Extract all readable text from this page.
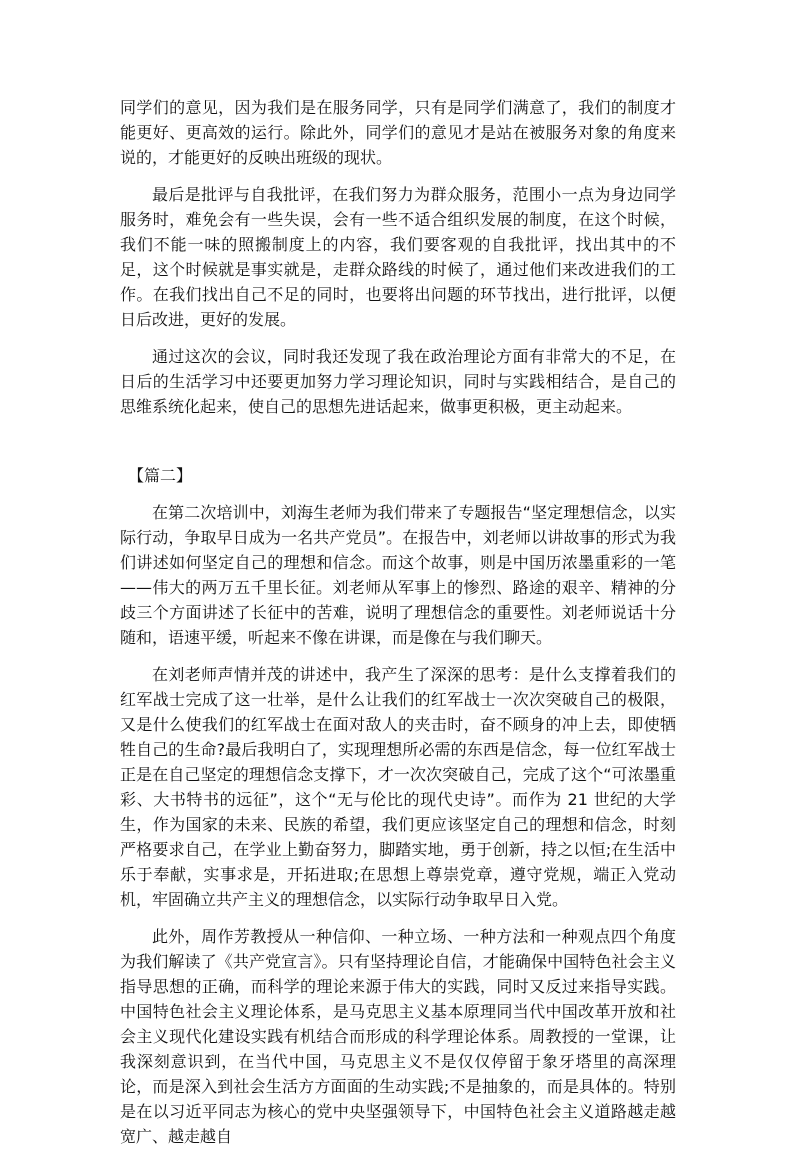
同学们的意见，因为我们是在服务同学，只有是同学们满意了，我们的制度才能更好、更高效的运行。除此外，同学们的意见才是站在被服务对象的角度来说的，才能更好的反映出班级的现状。

最后是批评与自我批评，在我们努力为群众服务，范围小一点为身边同学服务时，难免会有一些失误，会有一些不适合组织发展的制度，在这个时候，我们不能一味的照搬制度上的内容，我们要客观的自我批评，找出其中的不足，这个时候就是事实就是，走群众路线的时候了，通过他们来改进我们的工作。在我们找出自己不足的同时，也要将出问题的环节找出，进行批评，以便日后改进，更好的发展。

通过这次的会议，同时我还发现了我在政治理论方面有非常大的不足，在日后的生活学习中还要更加努力学习理论知识，同时与实践相结合，是自己的思维系统化起来，使自己的思想先进话起来，做事更积极，更主动起来。

【篇二】

在第二次培训中，刘海生老师为我们带来了专题报告“坚定理想信念，以实际行动，争取早日成为一名共产党员”。在报告中，刘老师以讲故事的形式为我们讲述如何坚定自己的理想和信念。而这个故事，则是中国历浓墨重彩的一笔——伟大的两万五千里长征。刘老师从军事上的惨烈、路途的艰辛、精神的分歧三个方面讲述了长征中的苦难，说明了理想信念的重要性。刘老师说话十分随和，语速平缓，听起来不像在讲课，而是像在与我们聊天。

在刘老师声情并茂的讲述中，我产生了深深的思考：是什么支撑着我们的红军战士完成了这一壮举，是什么让我们的红军战士一次次突破自己的极限，又是什么使我们的红军战士在面对敌人的夹击时，奋不顾身的冲上去，即使牺牲自己的生命?最后我明白了，实现理想所必需的东西是信念，每一位红军战士正是在自己坚定的理想信念支撑下，才一次次突破自己，完成了这个“可浓墨重彩、大书特书的远征”，这个“无与伦比的现代史诗”。而作为 21 世纪的大学生，作为国家的未来、民族的希望，我们更应该坚定自己的理想和信念，时刻严格要求自己，在学业上勤奋努力，脚踏实地，勇于创新，持之以恒;在生活中乐于奉献，实事求是，开拓进取;在思想上尊崇党章，遵守党规，端正入党动机，牢固确立共产主义的理想信念，以实际行动争取早日入党。

此外，周作芳教授从一种信仰、一种立场、一种方法和一种观点四个角度为我们解读了《共产党宣言》。只有坚持理论自信，才能确保中国特色社会主义指导思想的正确，而科学的理论来源于伟大的实践，同时又反过来指导实践。中国特色社会主义理论体系，是马克思主义基本原理同当代中国改革开放和社会主义现代化建设实践有机结合而形成的科学理论体系。周教授的一堂课，让我深刻意识到，在当代中国，马克思主义不是仅仅停留于象牙塔里的高深理论，而是深入到社会生活方方面面的生动实践;不是抽象的，而是具体的。特别是在以习近平同志为核心的党中央坚强领导下，中国特色社会主义道路越走越宽广、越走越自
